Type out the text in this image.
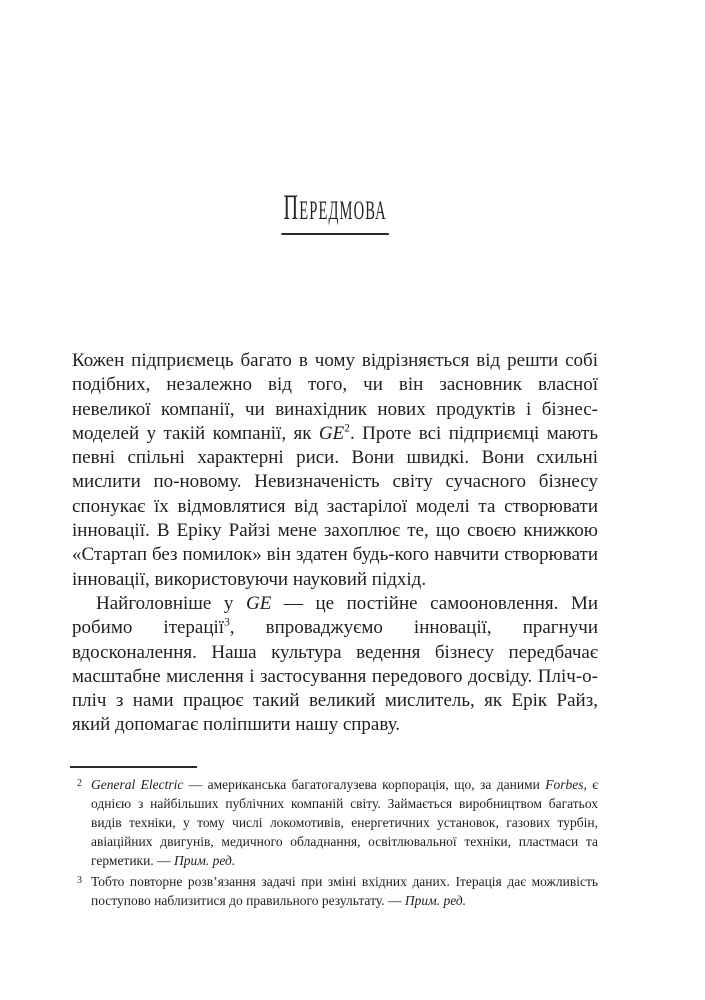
ПЕРЕДМОВА

Кожен підприємець багато в чому відрізняється від решти собі подібних, незалежно від того, чи він засновник власної невеликої компанії, чи винахідник нових продуктів і бізнес-моделей у такій компанії, як $GE^2$. Проте всі підприємці мають певні спільні характерні риси. Вони швидкі. Вони схильні мислити по-новому. Невизначеність світу сучасного бізнесу спонукає їх відмовлятися від застарілої моделі та створювати інновації. В Еріку Райзі мене захоплює те, що своєю книжкою «Стартап без помилок» він здатен будь-кого навчити створювати інновації, використовуючи науковий підхід.

Найголовніше у GE — це постійне самооновлення. Ми робимо ітерації$^3$, впроваджуємо інновації, прагнучи вдосконалення. Наша культура ведення бізнесу передбачає масштабне мислення і застосування передового досвіду. Пліч-о-пліч з нами працює такий великий мислитель, як Ерік Райз, який допомагає поліпшити нашу справу.

2 General Electric — американська багатогалузева корпорація, що, за даними Forbes, є однією з найбільших публічних компаній світу. Займається виробництвом багатьох видів техніки, у тому числі локомотивів, енергетичних установок, газових турбін, авіаційних двигунів, медичного обладнання, освітлювальної техніки, пластмаси та герметики. — Прим. ред.
3 Тобто повторне розв’язання задачі при зміні вхідних даних. Ітерація дає можливість поступово наблизитися до правильного результату. — Прим. ред.
